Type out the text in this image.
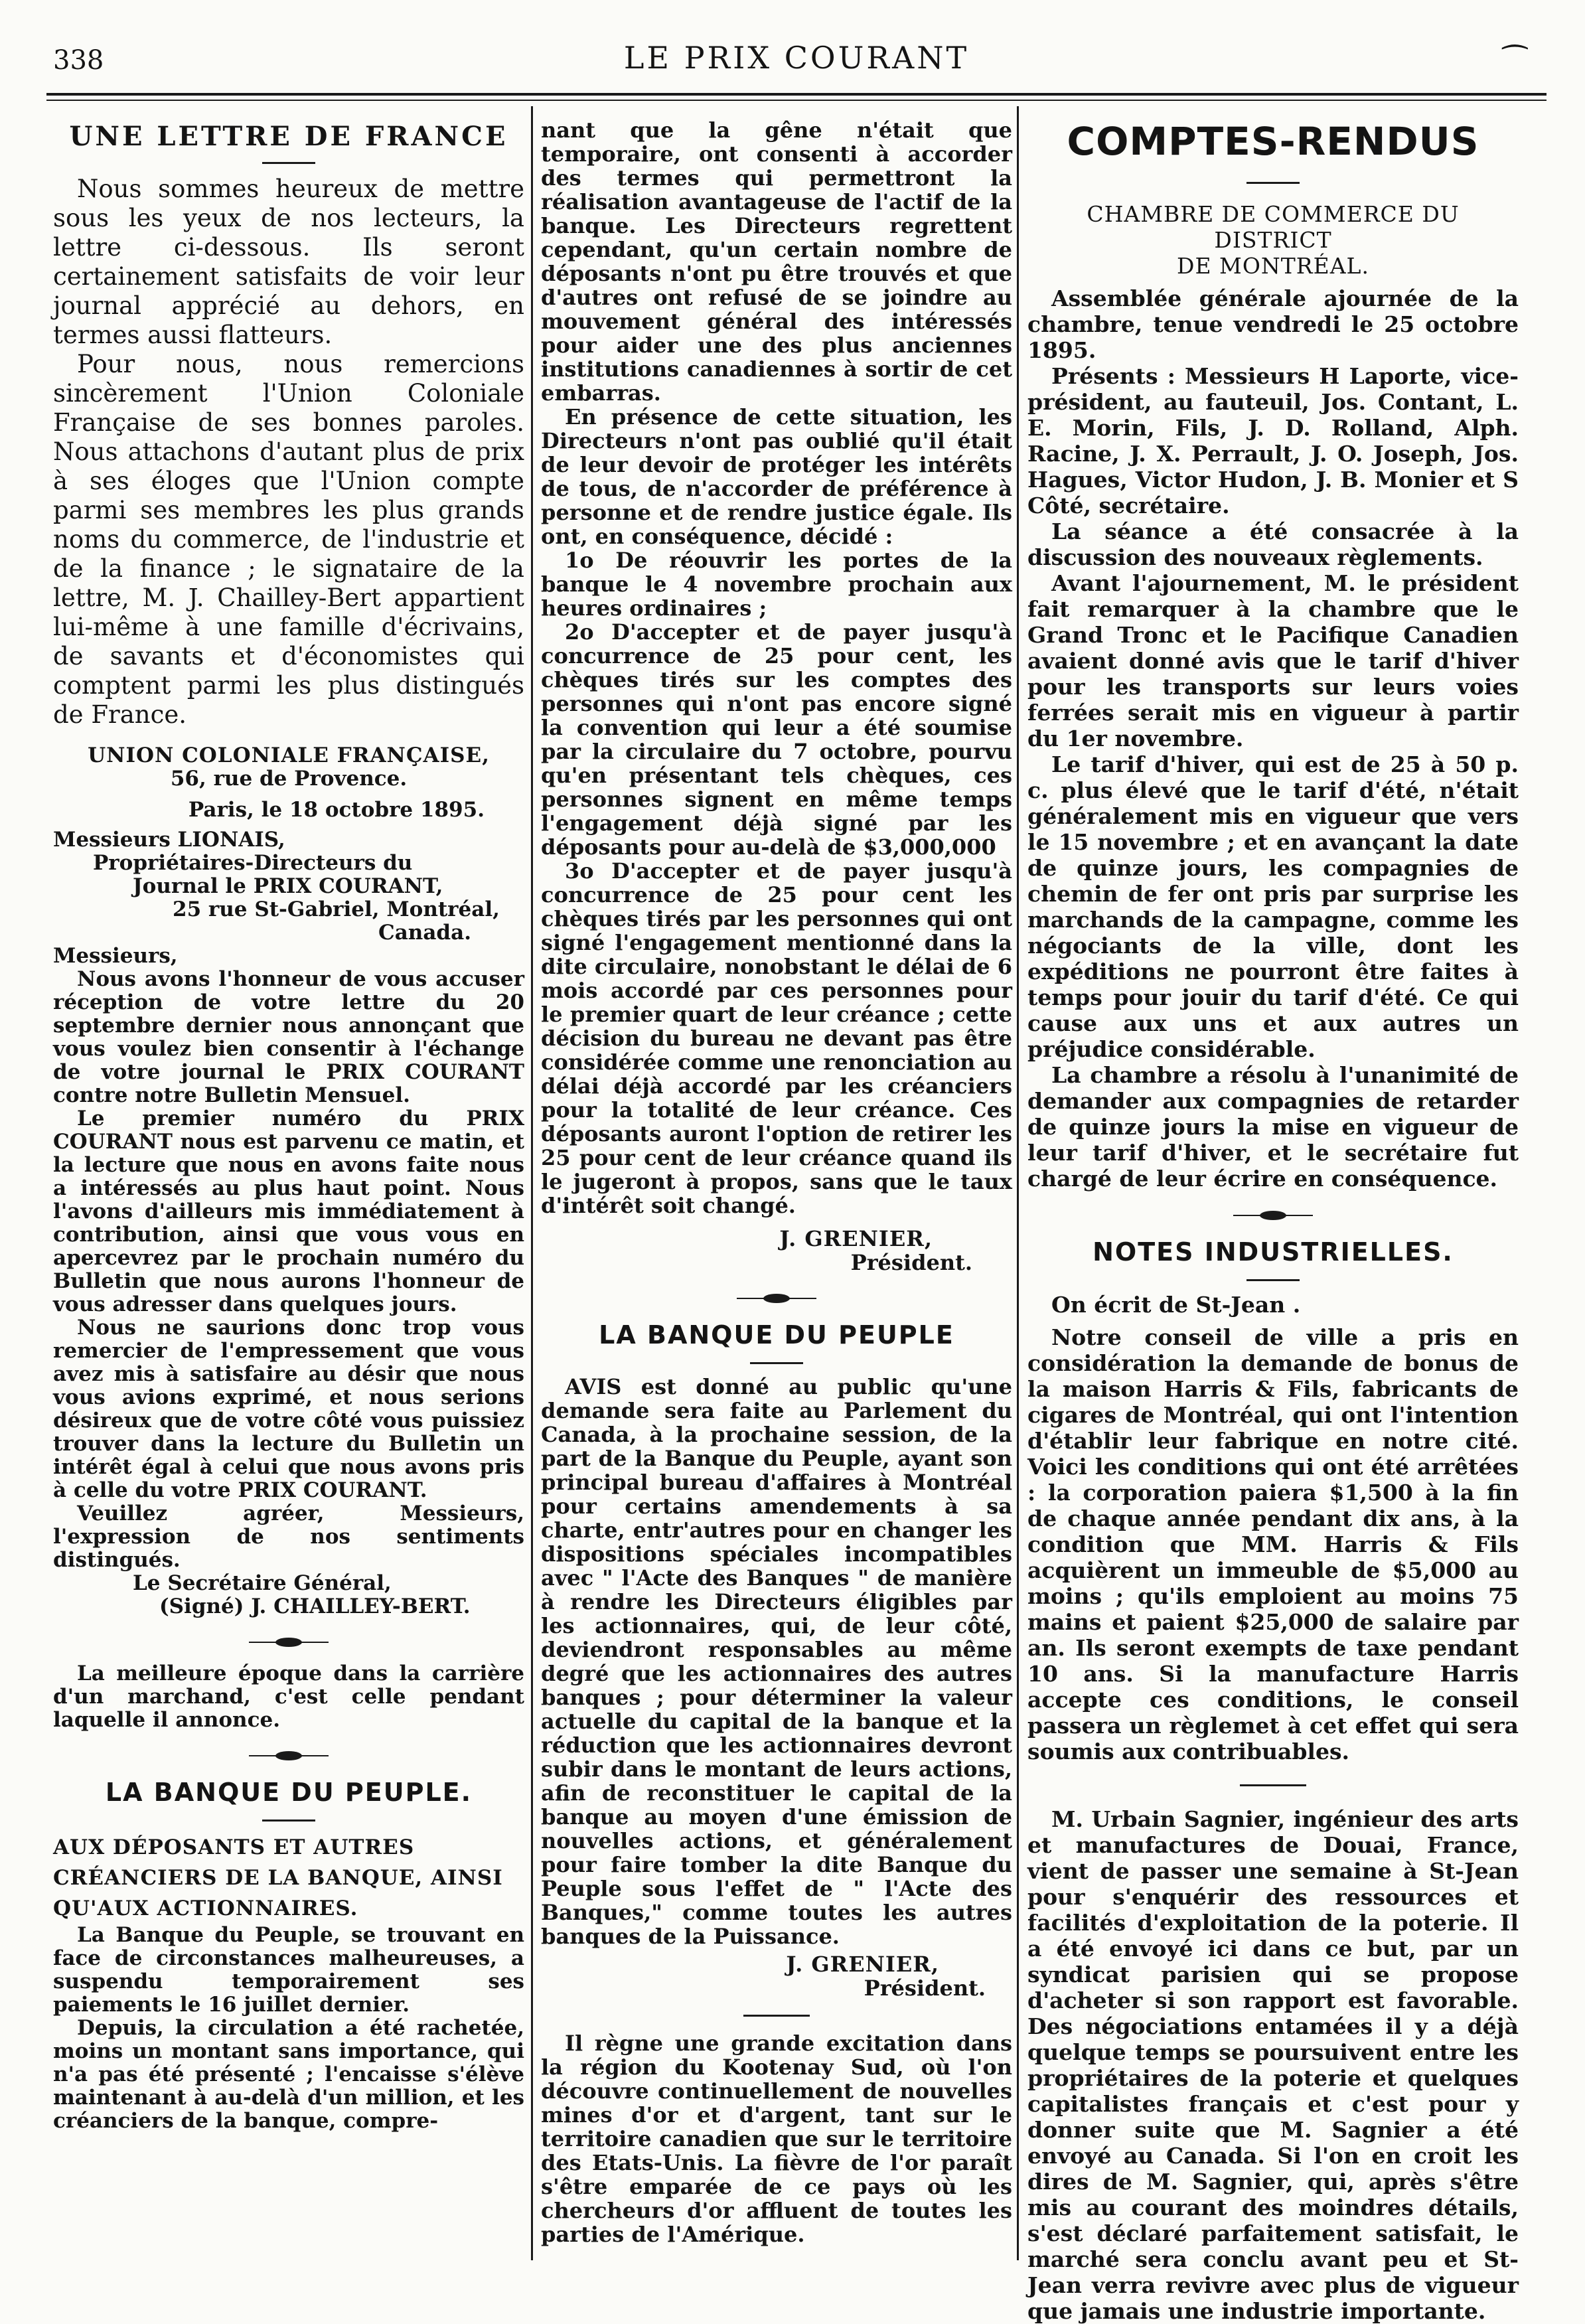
338	LE PRIX COURANT	⁀
UNE LETTRE DE FRANCE

Nous sommes heureux de mettre sous les yeux de nos lecteurs, la lettre ci-dessous. Ils seront certainement satisfaits de voir leur journal apprécié au dehors, en termes aussi flatteurs.

Pour nous, nous remercions sincèrement l'Union Coloniale Française de ses bonnes paroles. Nous attachons d'autant plus de prix à ses éloges que l'Union compte parmi ses membres les plus grands noms du commerce, de l'industrie et de la finance ; le signataire de la lettre, M. J. Chailley-Bert appartient lui-même à une famille d'écrivains, de savants et d'économistes qui comptent parmi les plus distingués de France.

UNION COLONIALE FRANÇAISE,
56, rue de Provence.
Paris, le 18 octobre 1895.
Messieurs LIONAIS,
Propriétaires-Directeurs du
Journal le PRIX COURANT,
25 rue St-Gabriel, Montréal,
Canada.
Messieurs,

Nous avons l'honneur de vous accuser réception de votre lettre du 20 septembre dernier nous annonçant que vous voulez bien consentir à l'échange de votre journal le PRIX COURANT contre notre Bulletin Mensuel.

Le premier numéro du PRIX COURANT nous est parvenu ce matin, et la lecture que nous en avons faite nous a intéressés au plus haut point. Nous l'avons d'ailleurs mis immédiatement à contribution, ainsi que vous vous en apercevrez par le prochain numéro du Bulletin que nous aurons l'honneur de vous adresser dans quelques jours.

Nous ne saurions donc trop vous remercier de l'empressement que vous avez mis à satisfaire au désir que nous vous avions exprimé, et nous serions désireux que de votre côté vous puissiez trouver dans la lecture du Bulletin un intérêt égal à celui que nous avons pris à celle du votre PRIX COURANT.

Veuillez agréer, Messieurs, l'expression de nos sentiments distingués.

Le Secrétaire Général,
(Signé) J. CHAILLEY-BERT.

La meilleure époque dans la carrière d'un marchand, c'est celle pendant laquelle il annonce.

LA BANQUE DU PEUPLE.
AUX DÉPOSANTS ET AUTRES CRÉANCIERS DE LA BANQUE, AINSI QU'AUX ACTIONNAIRES.

La Banque du Peuple, se trouvant en face de circonstances malheureuses, a suspendu temporairement ses paiements le 16 juillet dernier.

Depuis, la circulation a été rachetée, moins un montant sans importance, qui n'a pas été présenté ; l'encaisse s'élève maintenant à au-delà d'un million, et les créanciers de la banque, compre-

nant que la gêne n'était que temporaire, ont consenti à accorder des termes qui permettront la réalisation avantageuse de l'actif de la banque. Les Directeurs regrettent cependant, qu'un certain nombre de déposants n'ont pu être trouvés et que d'autres ont refusé de se joindre au mouvement général des intéressés pour aider une des plus anciennes institutions canadiennes à sortir de cet embarras.

En présence de cette situation, les Directeurs n'ont pas oublié qu'il était de leur devoir de protéger les intérêts de tous, de n'accorder de préférence à personne et de rendre justice égale. Ils ont, en conséquence, décidé :

1o De réouvrir les portes de la banque le 4 novembre prochain aux heures ordinaires ;

2o D'accepter et de payer jusqu'à concurrence de 25 pour cent, les chèques tirés sur les comptes des personnes qui n'ont pas encore signé la convention qui leur a été soumise par la circulaire du 7 octobre, pourvu qu'en présentant tels chèques, ces personnes signent en même temps l'engagement déjà signé par les déposants pour au-delà de $3,000,000

3o D'accepter et de payer jusqu'à concurrence de 25 pour cent les chèques tirés par les personnes qui ont signé l'engagement mentionné dans la dite circulaire, nonobstant le délai de 6 mois accordé par ces personnes pour le premier quart de leur créance ; cette décision du bureau ne devant pas être considérée comme une renonciation au délai déjà accordé par les créanciers pour la totalité de leur créance. Ces déposants auront l'option de retirer les 25 pour cent de leur créance quand ils le jugeront à propos, sans que le taux d'intérêt soit changé.

J. GRENIER,
Président.
LA BANQUE DU PEUPLE

AVIS est donné au public qu'une demande sera faite au Parlement du Canada, à la prochaine session, de la part de la Banque du Peuple, ayant son principal bureau d'affaires à Montréal pour certains amendements à sa charte, entr'autres pour en changer les dispositions spéciales incompatibles avec " l'Acte des Banques " de manière à rendre les Directeurs éligibles par les actionnaires, qui, de leur côté, deviendront responsables au même degré que les actionnaires des autres banques ; pour déterminer la valeur actuelle du capital de la banque et la réduction que les actionnaires devront subir dans le montant de leurs actions, afin de reconstituer le capital de la banque au moyen d'une émission de nouvelles actions, et généralement pour faire tomber la dite Banque du Peuple sous l'effet de " l'Acte des Banques," comme toutes les autres banques de la Puissance.

J. GRENIER,
Président.

Il règne une grande excitation dans la région du Kootenay Sud, où l'on découvre continuellement de nouvelles mines d'or et d'argent, tant sur le territoire canadien que sur le territoire des Etats-Unis. La fièvre de l'or paraît s'être emparée de ce pays où les chercheurs d'or affluent de toutes les parties de l'Amérique.

COMPTES-RENDUS
CHAMBRE DE COMMERCE DU DISTRICT
DE MONTRÉAL.

Assemblée générale ajournée de la chambre, tenue vendredi le 25 octobre 1895.

Présents : Messieurs H Laporte, vice-président, au fauteuil, Jos. Contant, L. E. Morin, Fils, J. D. Rolland, Alph. Racine, J. X. Perrault, J. O. Joseph, Jos. Hagues, Victor Hudon, J. B. Monier et S Côté, secrétaire.

La séance a été consacrée à la discussion des nouveaux règlements.

Avant l'ajournement, M. le président fait remarquer à la chambre que le Grand Tronc et le Pacifique Canadien avaient donné avis que le tarif d'hiver pour les transports sur leurs voies ferrées serait mis en vigueur à partir du 1er novembre.

Le tarif d'hiver, qui est de 25 à 50 p. c. plus élevé que le tarif d'été, n'était généralement mis en vigueur que vers le 15 novembre ; et en avançant la date de quinze jours, les compagnies de chemin de fer ont pris par surprise les marchands de la campagne, comme les négociants de la ville, dont les expéditions ne pourront être faites à temps pour jouir du tarif d'été. Ce qui cause aux uns et aux autres un préjudice considérable.

La chambre a résolu à l'unanimité de demander aux compagnies de retarder de quinze jours la mise en vigueur de leur tarif d'hiver, et le secrétaire fut chargé de leur écrire en conséquence.

NOTES INDUSTRIELLES.

On écrit de St-Jean .

Notre conseil de ville a pris en considération la demande de bonus de la maison Harris & Fils, fabricants de cigares de Montréal, qui ont l'intention d'établir leur fabrique en notre cité. Voici les conditions qui ont été arrêtées : la corporation paiera $1,500 à la fin de chaque année pendant dix ans, à la condition que MM. Harris & Fils acquièrent un immeuble de $5,000 au moins ; qu'ils emploient au moins 75 mains et paient $25,000 de salaire par an. Ils seront exempts de taxe pendant 10 ans. Si la manufacture Harris accepte ces conditions, le conseil passera un règlemet à cet effet qui sera soumis aux contribuables.

M. Urbain Sagnier, ingénieur des arts et manufactures de Douai, France, vient de passer une semaine à St-Jean pour s'enquérir des ressources et facilités d'exploitation de la poterie. Il a été envoyé ici dans ce but, par un syndicat parisien qui se propose d'acheter si son rapport est favorable. Des négociations entamées il y a déjà quelque temps se poursuivent entre les propriétaires de la poterie et quelques capitalistes français et c'est pour y donner suite que M. Sagnier a été envoyé au Canada. Si l'on en croit les dires de M. Sagnier, qui, après s'être mis au courant des moindres détails, s'est déclaré parfaitement satisfait, le marché sera conclu avant peu et St-Jean verra revivre avec plus de vigueur que jamais une industrie importante.
